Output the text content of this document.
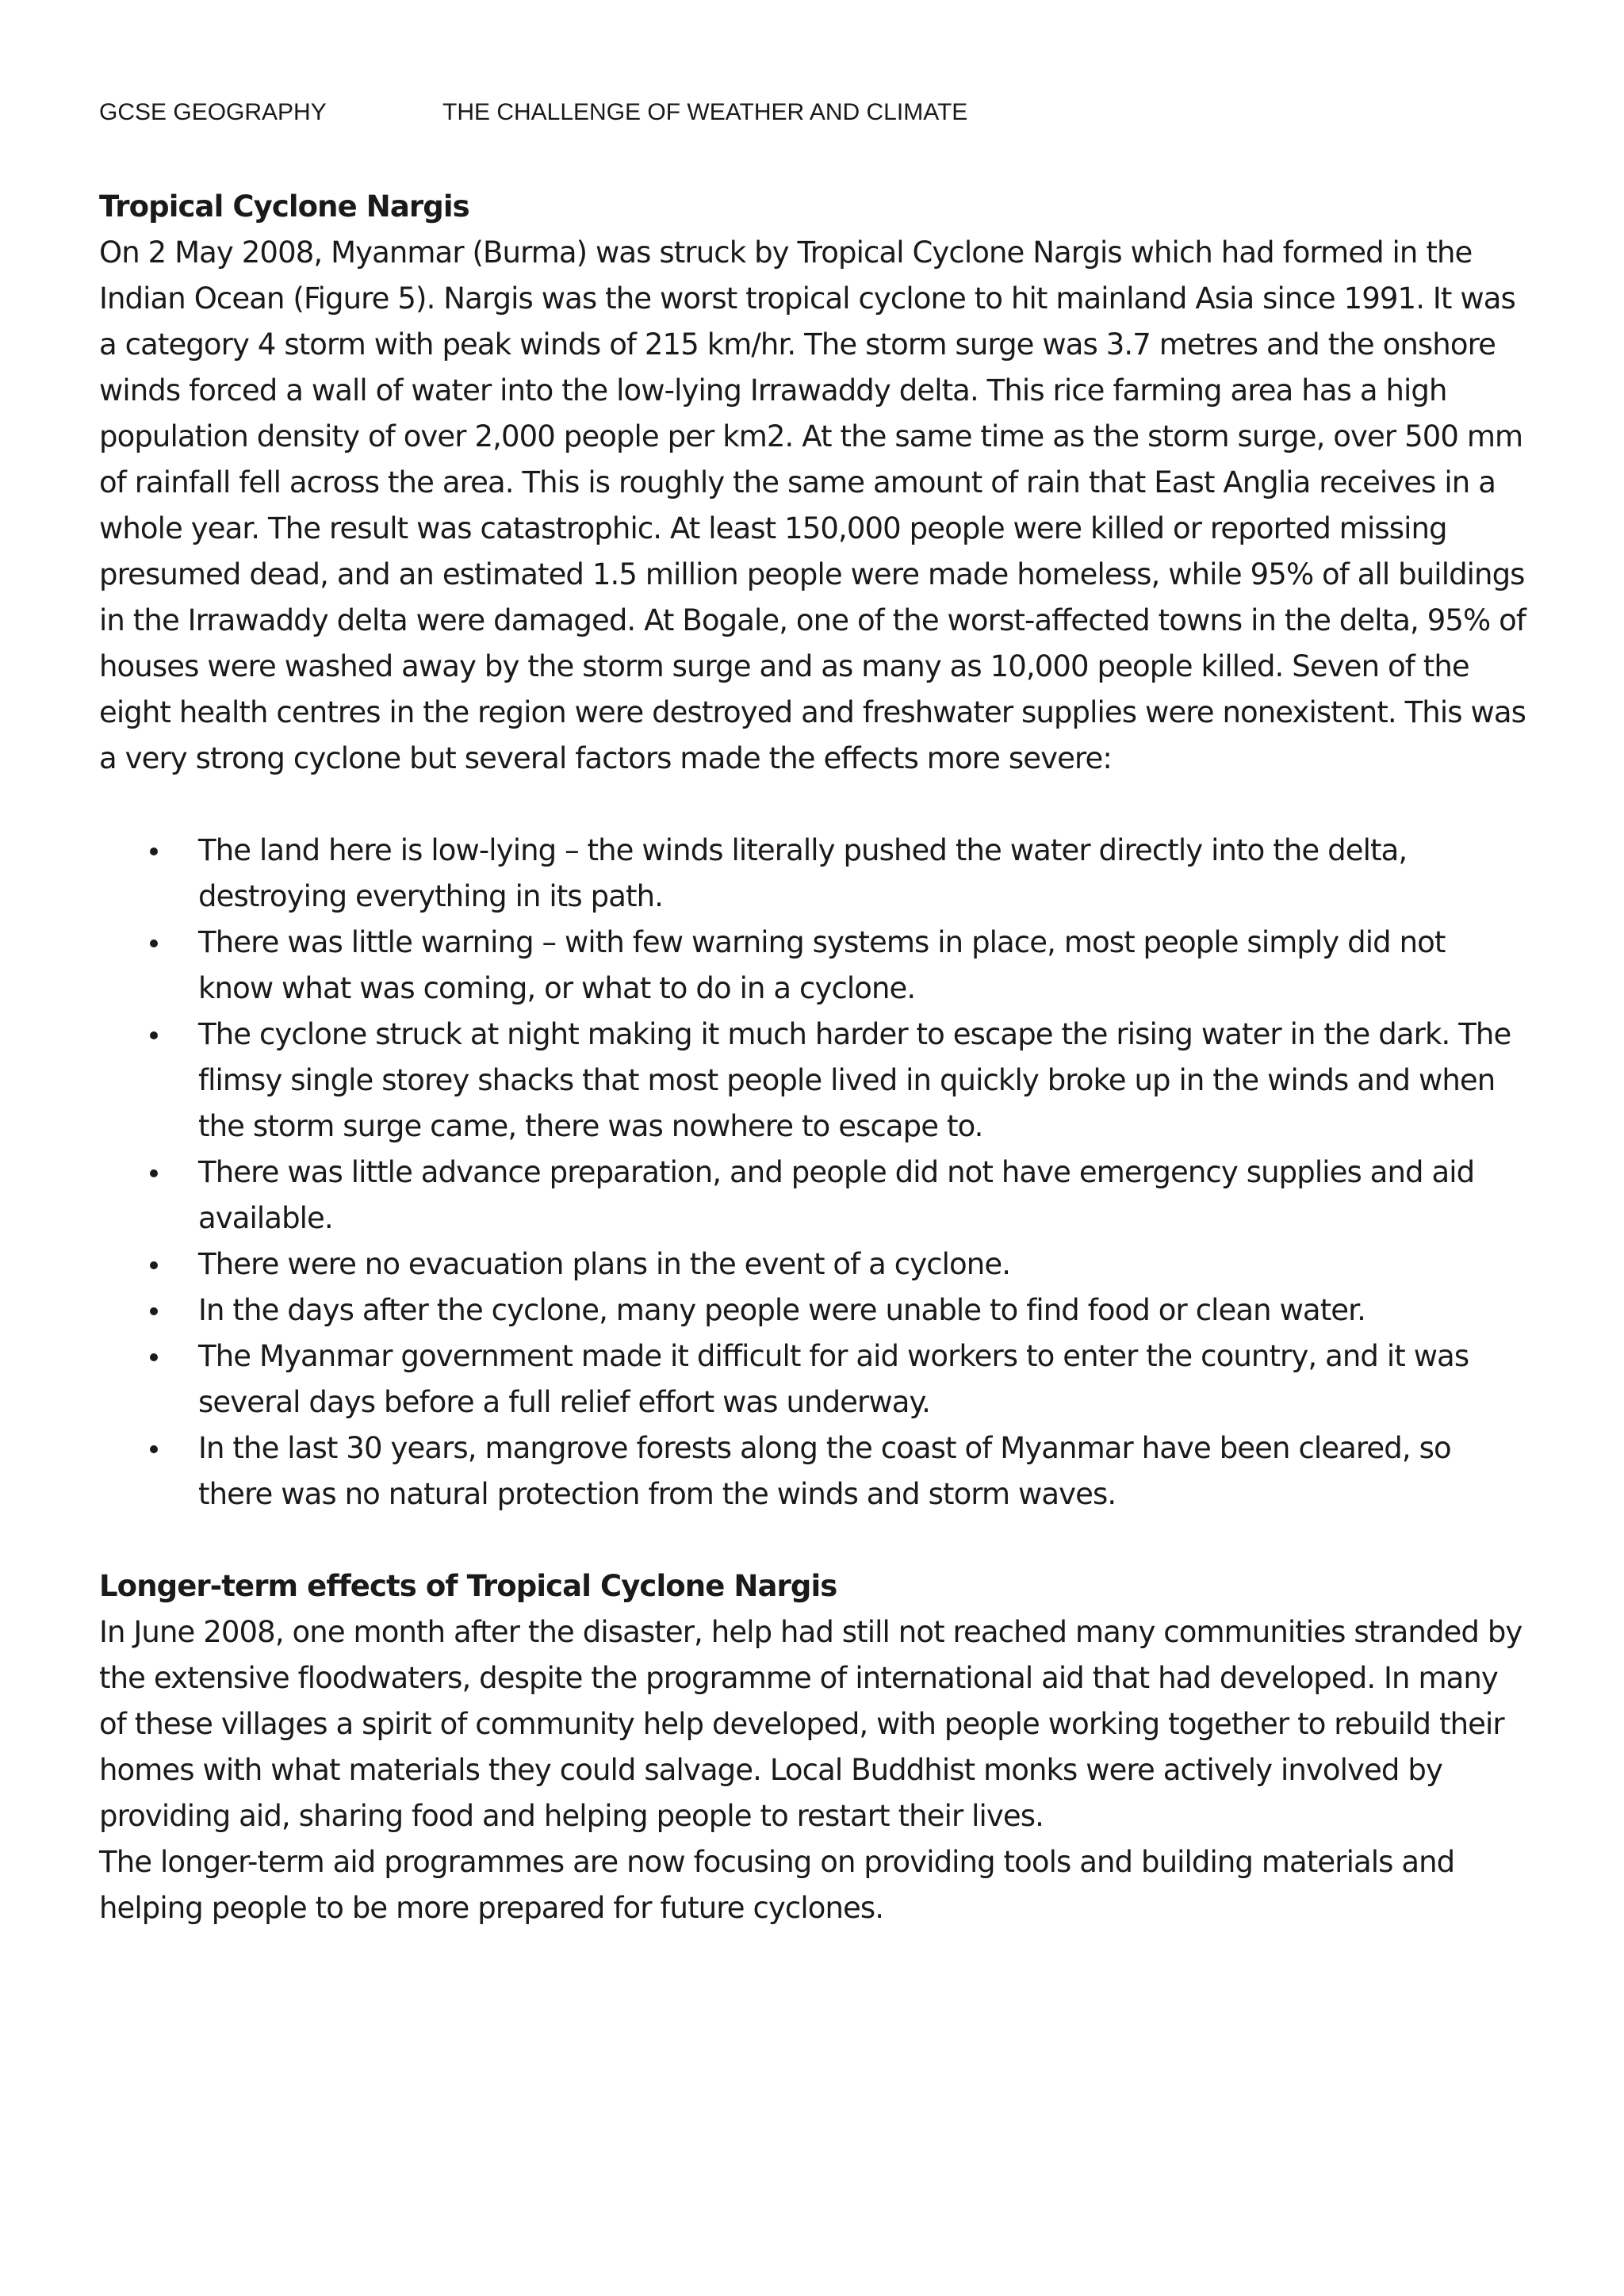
GCSE GEOGRAPHY	THE CHALLENGE OF WEATHER AND CLIMATE
Tropical Cyclone Nargis

On 2 May 2008, Myanmar (Burma) was struck by Tropical Cyclone Nargis which had formed in the Indian Ocean (Figure 5). Nargis was the worst tropical cyclone to hit mainland Asia since 1991. It was a category 4 storm with peak winds of 215 km/hr. The storm surge was 3.7 metres and the onshore winds forced a wall of water into the low-lying Irrawaddy delta. This rice farming area has a high population density of over 2,000 people per km2. At the same time as the storm surge, over 500 mm of rainfall fell across the area. This is roughly the same amount of rain that East Anglia receives in a whole year. The result was catastrophic. At least 150,000 people were killed or reported missing presumed dead, and an estimated 1.5 million people were made homeless, while 95% of all buildings in the Irrawaddy delta were damaged. At Bogale, one of the worst-affected towns in the delta, 95% of houses were washed away by the storm surge and as many as 10,000 people killed. Seven of the eight health centres in the region were destroyed and freshwater supplies were nonexistent. This was a very strong cyclone but several factors made the effects more severe:

The land here is low-lying – the winds literally pushed the water directly into the delta, destroying everything in its path.
There was little warning – with few warning systems in place, most people simply did not know what was coming, or what to do in a cyclone.
The cyclone struck at night making it much harder to escape the rising water in the dark. The flimsy single storey shacks that most people lived in quickly broke up in the winds and when the storm surge came, there was nowhere to escape to.
There was little advance preparation, and people did not have emergency supplies and aid available.
There were no evacuation plans in the event of a cyclone.
In the days after the cyclone, many people were unable to find food or clean water.
The Myanmar government made it difficult for aid workers to enter the country, and it was several days before a full relief effort was underway.
In the last 30 years, mangrove forests along the coast of Myanmar have been cleared, so there was no natural protection from the winds and storm waves.
Longer-term effects of Tropical Cyclone Nargis

In June 2008, one month after the disaster, help had still not reached many communities stranded by the extensive floodwaters, despite the programme of international aid that had developed. In many of these villages a spirit of community help developed, with people working together to rebuild their homes with what materials they could salvage. Local Buddhist monks were actively involved by providing aid, sharing food and helping people to restart their lives.

The longer-term aid programmes are now focusing on providing tools and building materials and helping people to be more prepared for future cyclones.
